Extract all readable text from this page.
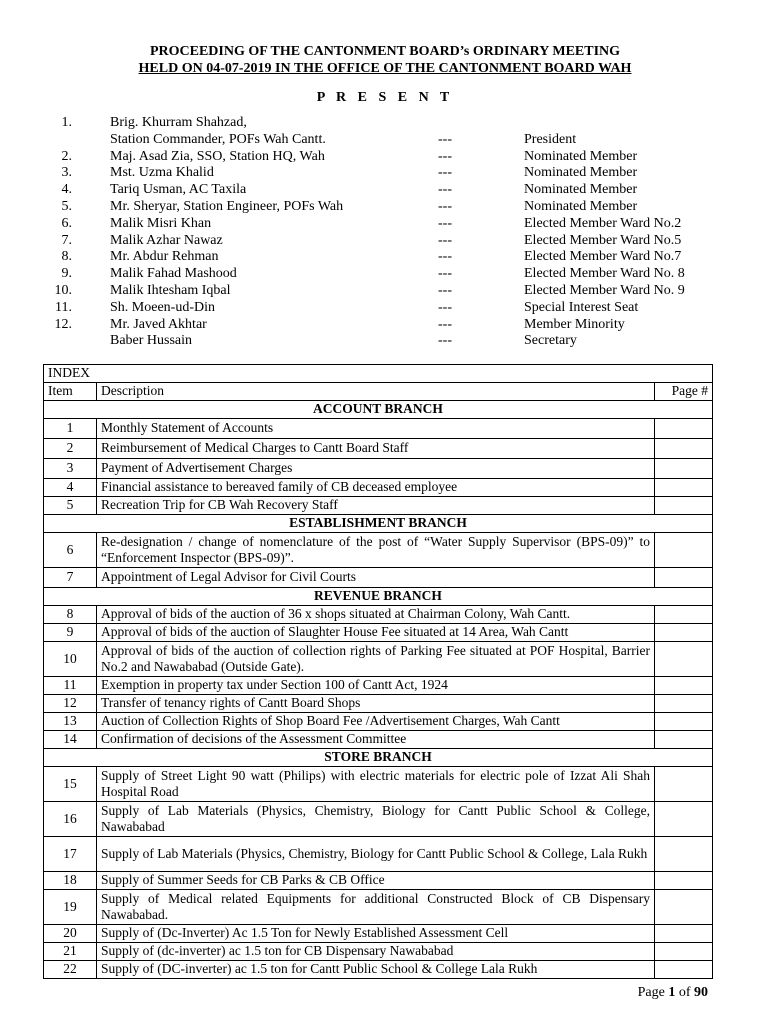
PROCEEDING OF THE CANTONMENT BOARD’s ORDINARY MEETING
HELD ON 04-07-2019 IN THE OFFICE OF THE CANTONMENT BOARD WAH
P R E S E N T
1.	Brig. Khurram Shahzad,
Station Commander, POFs Wah Cantt.	---	President
2.	Maj. Asad Zia, SSO, Station HQ, Wah	---	Nominated Member
3.	Mst. Uzma Khalid	---	Nominated Member
4.	Tariq Usman, AC Taxila	---	Nominated Member
5.	Mr. Sheryar, Station Engineer, POFs Wah	---	Nominated Member
6.	Malik Misri Khan	---	Elected Member Ward No.2
7.	Malik Azhar Nawaz	---	Elected Member Ward No.5
8.	Mr. Abdur Rehman	---	Elected Member Ward No.7
9.	Malik Fahad Mashood	---	Elected Member Ward No. 8
10.	Malik Ihtesham Iqbal	---	Elected Member Ward No. 9
11.	Sh. Moeen-ud-Din	---	Special Interest Seat
12.	Mr. Javed Akhtar	---	Member Minority
Baber Hussain	---	Secretary
INDEX		
Item	Description	Page #
ACCOUNT BRANCH		
1	Monthly Statement of Accounts	
2	Reimbursement of Medical Charges to Cantt Board Staff	
3	Payment of Advertisement Charges	
4	Financial assistance to bereaved family of CB deceased employee	
5	Recreation Trip for CB Wah Recovery Staff	
ESTABLISHMENT BRANCH		
6	Re-designation / change of nomenclature of the post of “Water Supply Supervisor (BPS-09)” to “Enforcement Inspector (BPS-09)”.	
7	Appointment of Legal Advisor for Civil Courts	
REVENUE BRANCH		
8	Approval of bids of the auction of 36 x shops situated at Chairman Colony, Wah Cantt.	
9	Approval of bids of the auction of Slaughter House Fee situated at 14 Area, Wah Cantt	
10	Approval of bids of the auction of collection rights of Parking Fee situated at POF Hospital, Barrier No.2 and Nawababad (Outside Gate).	
11	Exemption in property tax under Section 100 of Cantt Act, 1924	
12	Transfer of tenancy rights of Cantt Board Shops	
13	Auction of Collection Rights of Shop Board Fee /Advertisement Charges, Wah Cantt	
14	Confirmation of decisions of the Assessment Committee	
STORE BRANCH		
15	Supply of Street Light 90 watt (Philips) with electric materials for electric pole of Izzat Ali Shah Hospital Road	
16	Supply of Lab Materials (Physics, Chemistry, Biology for Cantt Public School & College, Nawababad	
17	Supply of Lab Materials (Physics, Chemistry, Biology for Cantt Public School & College, Lala Rukh	
18	Supply of Summer Seeds for CB Parks & CB Office	
19	Supply of Medical related Equipments for additional Constructed Block of CB Dispensary Nawababad.	
20	Supply of (Dc-Inverter) Ac 1.5 Ton for Newly Established Assessment Cell	
21	Supply of (dc-inverter) ac 1.5 ton for CB Dispensary Nawababad	
22	Supply of (DC-inverter) ac 1.5 ton for Cantt Public School & College Lala Rukh	
Page 1 of 90
